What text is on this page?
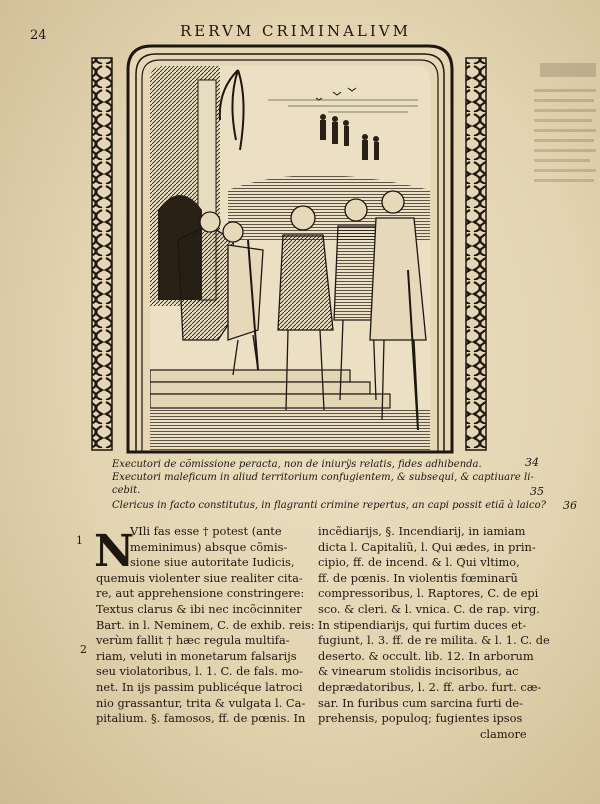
24	RERVM CRIMINALIVM
Executori de cõmissione peracta, non de iniurÿs relatis, fides adhibenda.	34
Executori maleficum in aliud territorium confugientem, & subsequi, & captiuare li-
cebit.	35
Clericus in facto constitutus, in flagranti crimine repertus, an capi possit etiã à laico? 36
N
1
2
VIli fas esse † potest (ante
meminimus) absque cõmis-
sione siue autoritate Iudicis,
quemuis violenter siue realiter cita-
re, aut apprehensione constringere:
Textus clarus & ibi nec incõcinniter
Bart. in l. Neminem, C. de exhib. reis:
verùm fallit † hæc regula multifa-
riam, veluti in monetarum falsarijs
seu violatoribus, l. 1. C. de fals. mo-
net. In ijs passim publicéque latroci
nio grassantur, trita & vulgata l. Ca-
pitalium. §. famosos, ff. de pœnis. In
incẽdiarijs, §. Incendiarij, in iamiam
dicta l. Capitaliũ, l. Qui ædes, in prin-
cipio, ff. de incend. & l. Qui vltimo,
ff. de pœnis. In violentis fœminarũ
compressoribus, l. Raptores, C. de epi
sco. & cleri. & l. vnica. C. de rap. virg.
In stipendiarijs, qui furtim duces et-
fugiunt, l. 3. ff. de re milita. & l. 1. C. de
deserto. & occult. lib. 12. In arborum
& vinearum stolidis incisoribus, ac
deprædatoribus, l. 2. ff. arbo. furt. cæ-
sar. In furibus cum sarcina furti de-
prehensis, populoq; fugientes ipsos
clamore
